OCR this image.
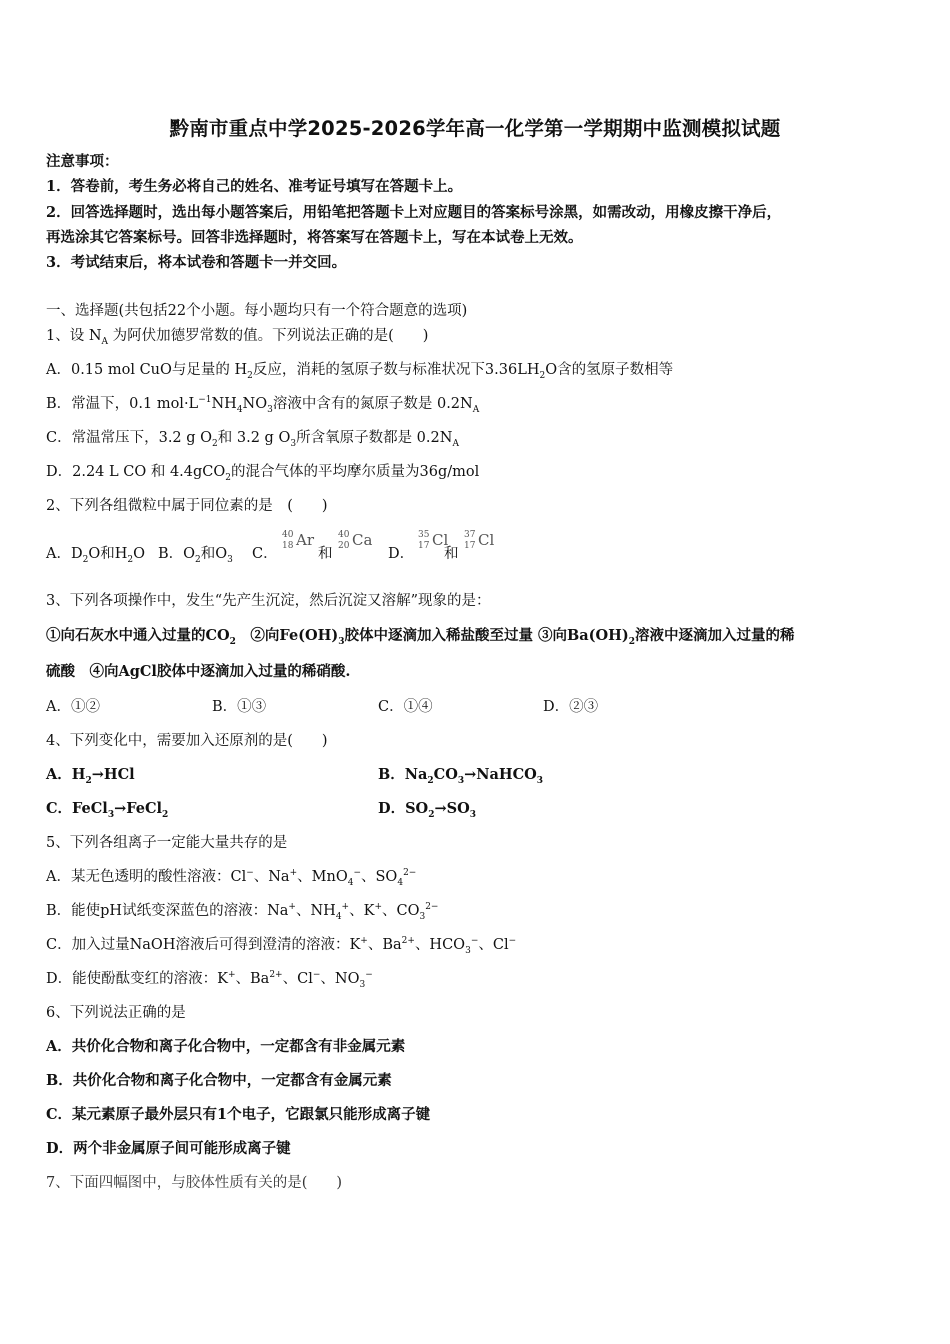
黔南市重点中学2025-2026学年高一化学第一学期期中监测模拟试题
注意事项：
1．答卷前，考生务必将自己的姓名、准考证号填写在答题卡上。
2．回答选择题时，选出每小题答案后，用铅笔把答题卡上对应题目的答案标号涂黑，如需改动，用橡皮擦干净后，
再选涂其它答案标号。回答非选择题时，将答案写在答题卡上，写在本试卷上无效。
3．考试结束后，将本试卷和答题卡一并交回。
一、选择题(共包括22个小题。每小题均只有一个符合题意的选项)
1、设 $N_A$ 为阿伏加德罗常数的值。下列说法正确的是(　　)
A．0.15 mol CuO与足量的 $H_2$反应，消耗的氢原子数与标准状况下$3.36LH_2O$含的氢原子数相等
B．常温下，0.1 $mol\cdot L^{-1}NH_4NO_3$溶液中含有的氮原子数是 $0.2N_A$
C．常温常压下，3.2 g $O_2$和 3.2 g $O_3$所含氧原子数都是 $0.2N_A$
D．2.24 L CO 和 4.4gCO$_2$的混合气体的平均摩尔质量为36g/mol
2、下列各组微粒中属于同位素的是　(　　)
A．$D_2O$和$H_2O$ B．$O_2$和$O_3$ C．
40
18 Ar
和
40
20 Ca
D．
35
17 Cl
和
37
17 Cl
3、下列各项操作中，发生“先产生沉淀，然后沉淀又溶解”现象的是：
①向石灰水中通入过量的$CO_2$　②向$Fe(OH)_3$胶体中逐滴加入稀盐酸至过量 ③向$Ba(OH)_2$溶液中逐滴加入过量的稀
硫酸　④向AgCl胶体中逐滴加入过量的稀硝酸.
A．①②	B．①③	C．①④	D．②③
4、下列变化中，需要加入还原剂的是(　　)
A．$H_2\to HCl$	B．$Na_2CO_3\to NaHCO_3$
C．FeCl$_3$→FeCl$_2$	D．$SO_2\to SO_3$
5、下列各组离子一定能大量共存的是
A．某无色透明的酸性溶液：Cl−、Na+、MnO$_4$−、$SO_4^{2-}$
B．能使pH试纸变深蓝色的溶液：Na+、$NH_4^+$、K+、$CO_3^{2-}$
C．加入过量NaOH溶液后可得到澄清的溶液：K+、$Ba^{2+}$、$HCO_3^-$、Cl−
D．能使酚酞变红的溶液：K+、$Ba^{2+}$、Cl−、$NO_3^-$
6、下列说法正确的是
A．共价化合物和离子化合物中，一定都含有非金属元素
B．共价化合物和离子化合物中，一定都含有金属元素
C．某元素原子最外层只有1个电子，它跟氯只能形成离子键
D．两个非金属原子间可能形成离子键
7、下面四幅图中，与胶体性质有关的是(　　)
